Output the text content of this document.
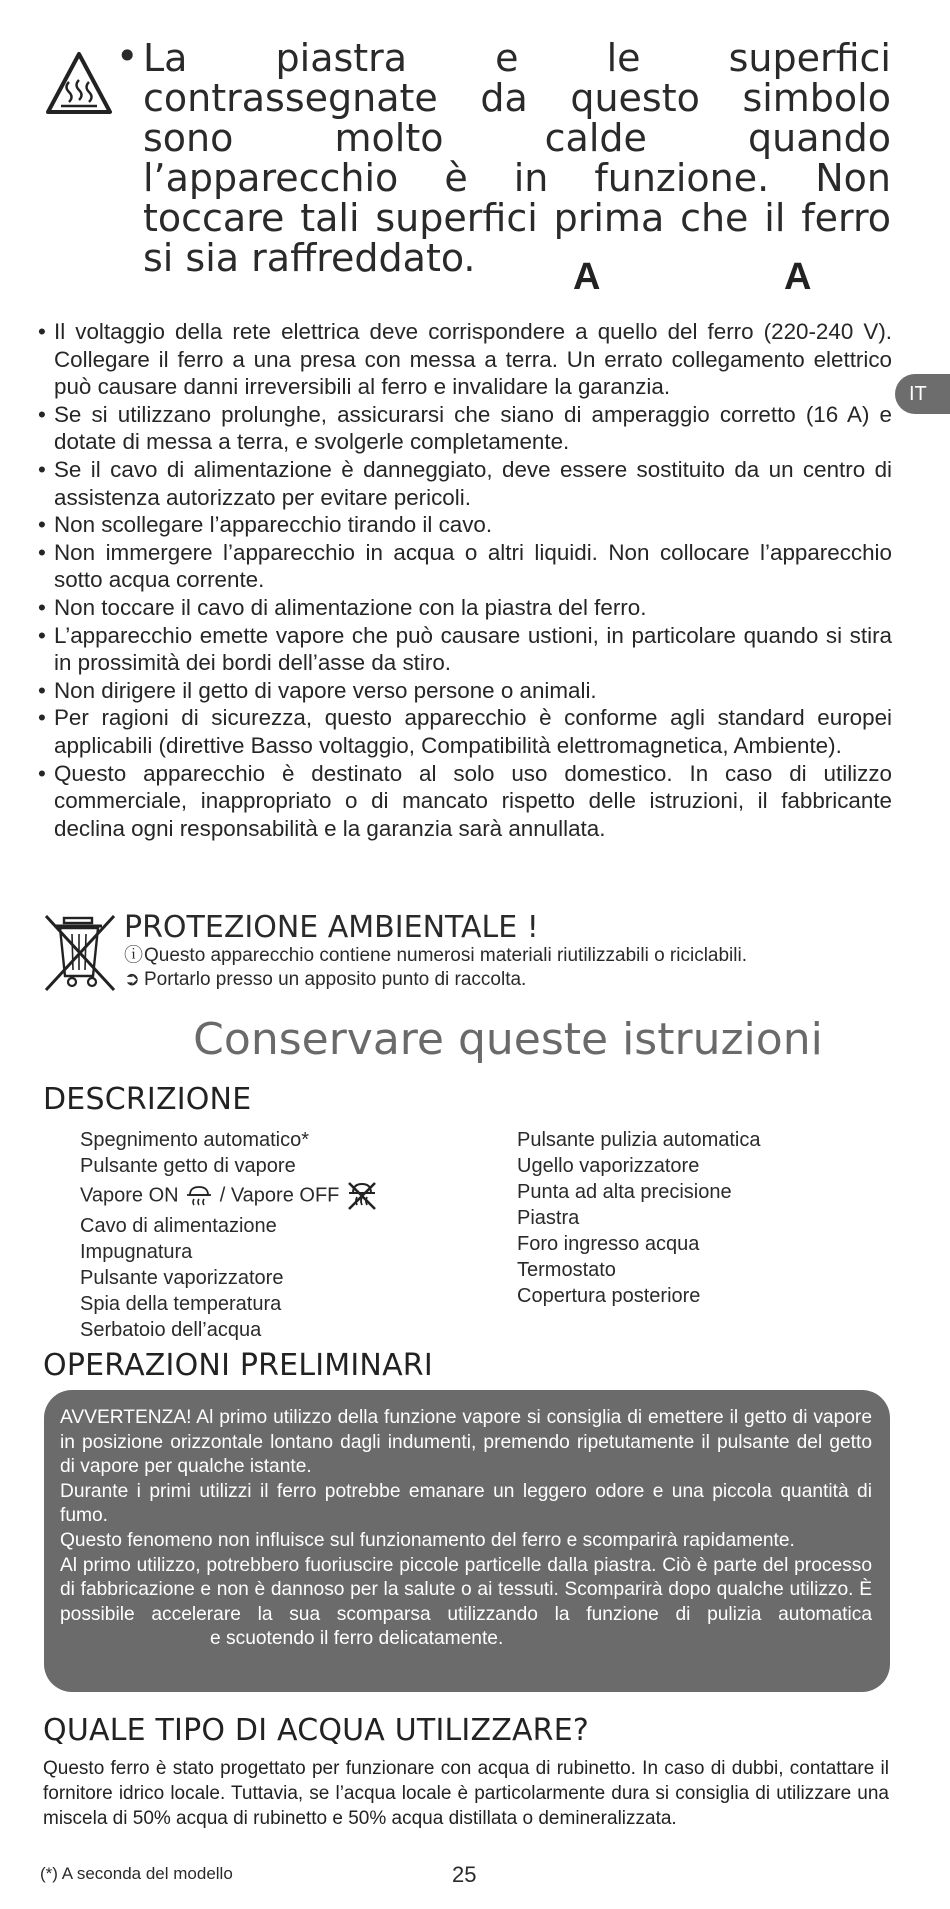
• La piastra e le superfici contrassegnate da questo simbolo sono molto calde quando l’apparecchio è in funzione. Non toccare tali superfici prima che il ferro si sia raffreddato.	A	A
IT
• Il voltaggio della rete elettrica deve corrispondere a quello del ferro (220-240 V). Collegare il ferro a una presa con messa a terra. Un errato collegamento elettrico può causare danni irreversibili al ferro e invalidare la garanzia.
• Se si utilizzano prolunghe, assicurarsi che siano di amperaggio corretto (16 A) e dotate di messa a terra, e svolgerle completamente.
• Se il cavo di alimentazione è danneggiato, deve essere sostituito da un centro di assistenza autorizzato per evitare pericoli.
• Non scollegare l’apparecchio tirando il cavo.
• Non immergere l’apparecchio in acqua o altri liquidi. Non collocare l’apparecchio sotto acqua corrente.
• Non toccare il cavo di alimentazione con la piastra del ferro.
• L’apparecchio emette vapore che può causare ustioni, in particolare quando si stira in prossimità dei bordi dell’asse da stiro.
• Non dirigere il getto di vapore verso persone o animali.
• Per ragioni di sicurezza, questo apparecchio è conforme agli standard europei applicabili (direttive Basso voltaggio, Compatibilità elettromagnetica, Ambiente).
• Questo apparecchio è destinato al solo uso domestico. In caso di utilizzo commerciale, inappropriato o di mancato rispetto delle istruzioni, il fabbricante declina ogni responsabilità e la garanzia sarà annullata.
PROTEZIONE AMBIENTALE !
ⓘQuesto apparecchio contiene numerosi materiali riutilizzabili o riciclabili.
➲ Portarlo presso un apposito punto di raccolta.
Conservare queste istruzioni
DESCRIZIONE
Spegnimento automatico*
Pulsante getto di vapore
Vapore ON / Vapore OFF
Cavo di alimentazione
Impugnatura
Pulsante vaporizzatore
Spia della temperatura
Serbatoio dell’acqua
Pulsante pulizia automatica
Ugello vaporizzatore
Punta ad alta precisione
Piastra
Foro ingresso acqua
Termostato
Copertura posteriore
OPERAZIONI PRELIMINARI

AVVERTENZA! Al primo utilizzo della funzione vapore si consiglia di emettere il getto di vapore in posizione orizzontale lontano dagli indumenti, premendo ripetutamente il pulsante del getto di vapore per qualche istante.

Durante i primi utilizzi il ferro potrebbe emanare un leggero odore e una piccola quantità di fumo.

Questo fenomeno non influisce sul funzionamento del ferro e scomparirà rapidamente.

Al primo utilizzo, potrebbero fuoriuscire piccole particelle dalla piastra. Ciò è parte del processo di fabbricazione e non è dannoso per la salute o ai tessuti. Scomparirà dopo qualche utilizzo. È possibile accelerare la sua scomparsa utilizzando la funzione di pulizia automaticae scuotendo il ferro delicatamente.

QUALE TIPO DI ACQUA UTILIZZARE?
Questo ferro è stato progettato per funzionare con acqua di rubinetto. In caso di dubbi, contattare il fornitore idrico locale. Tuttavia, se l’acqua locale è particolarmente dura si consiglia di utilizzare una miscela di 50% acqua di rubinetto e 50% acqua distillata o demineralizzata.
(*) A seconda del modello	25
